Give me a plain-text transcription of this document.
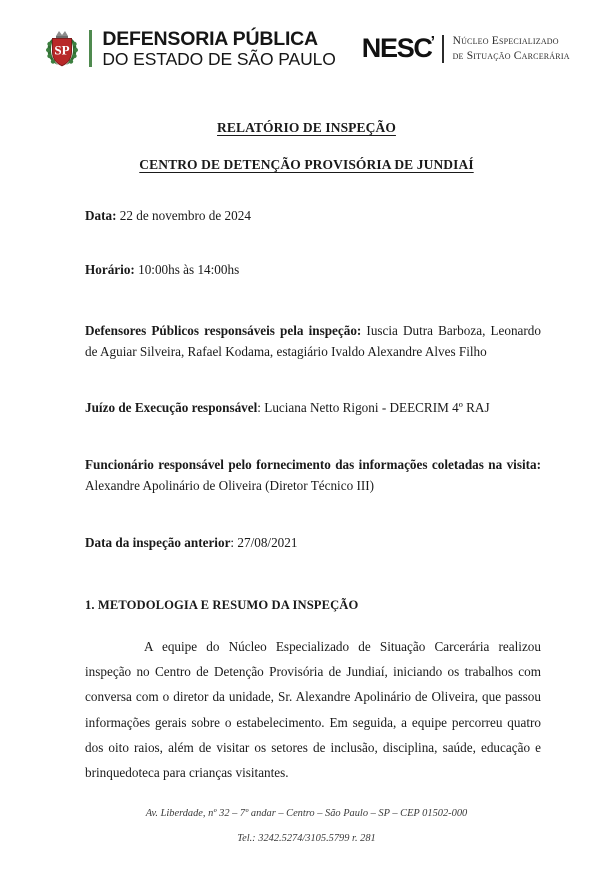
SP DEFENSORIA PÚBLICA
DO ESTADO DE SÃO PAULO NESC’ Núcleo Especializado
de Situação Carcerária
RELATÓRIO DE INSPEÇÃO
CENTRO DE DETENÇÃO PROVISÓRIA DE JUNDIAÍ
Data: 22 de novembro de 2024
Horário: 10:00hs às 14:00hs
Defensores Públicos responsáveis pela inspeção: Iuscia Dutra Barboza, Leonardo de Aguiar Silveira, Rafael Kodama, estagiário Ivaldo Alexandre Alves Filho
Juízo de Execução responsável: Luciana Netto Rigoni - DEECRIM 4º RAJ
Funcionário responsável pelo fornecimento das informações coletadas na visita: Alexandre Apolinário de Oliveira (Diretor Técnico III)
Data da inspeção anterior: 27/08/2021
1. METODOLOGIA E RESUMO DA INSPEÇÃO
A equipe do Núcleo Especializado de Situação Carcerária realizou inspeção no Centro de Detenção Provisória de Jundiaí, iniciando os trabalhos com conversa com o diretor da unidade, Sr. Alexandre Apolinário de Oliveira, que passou informações gerais sobre o estabelecimento. Em seguida, a equipe percorreu quatro dos oito raios, além de visitar os setores de inclusão, disciplina, saúde, educação e brinquedoteca para crianças visitantes.
Av. Liberdade, nº 32 – 7º andar – Centro – São Paulo – SP – CEP 01502-000
Tel.: 3242.5274/3105.5799 r. 281
